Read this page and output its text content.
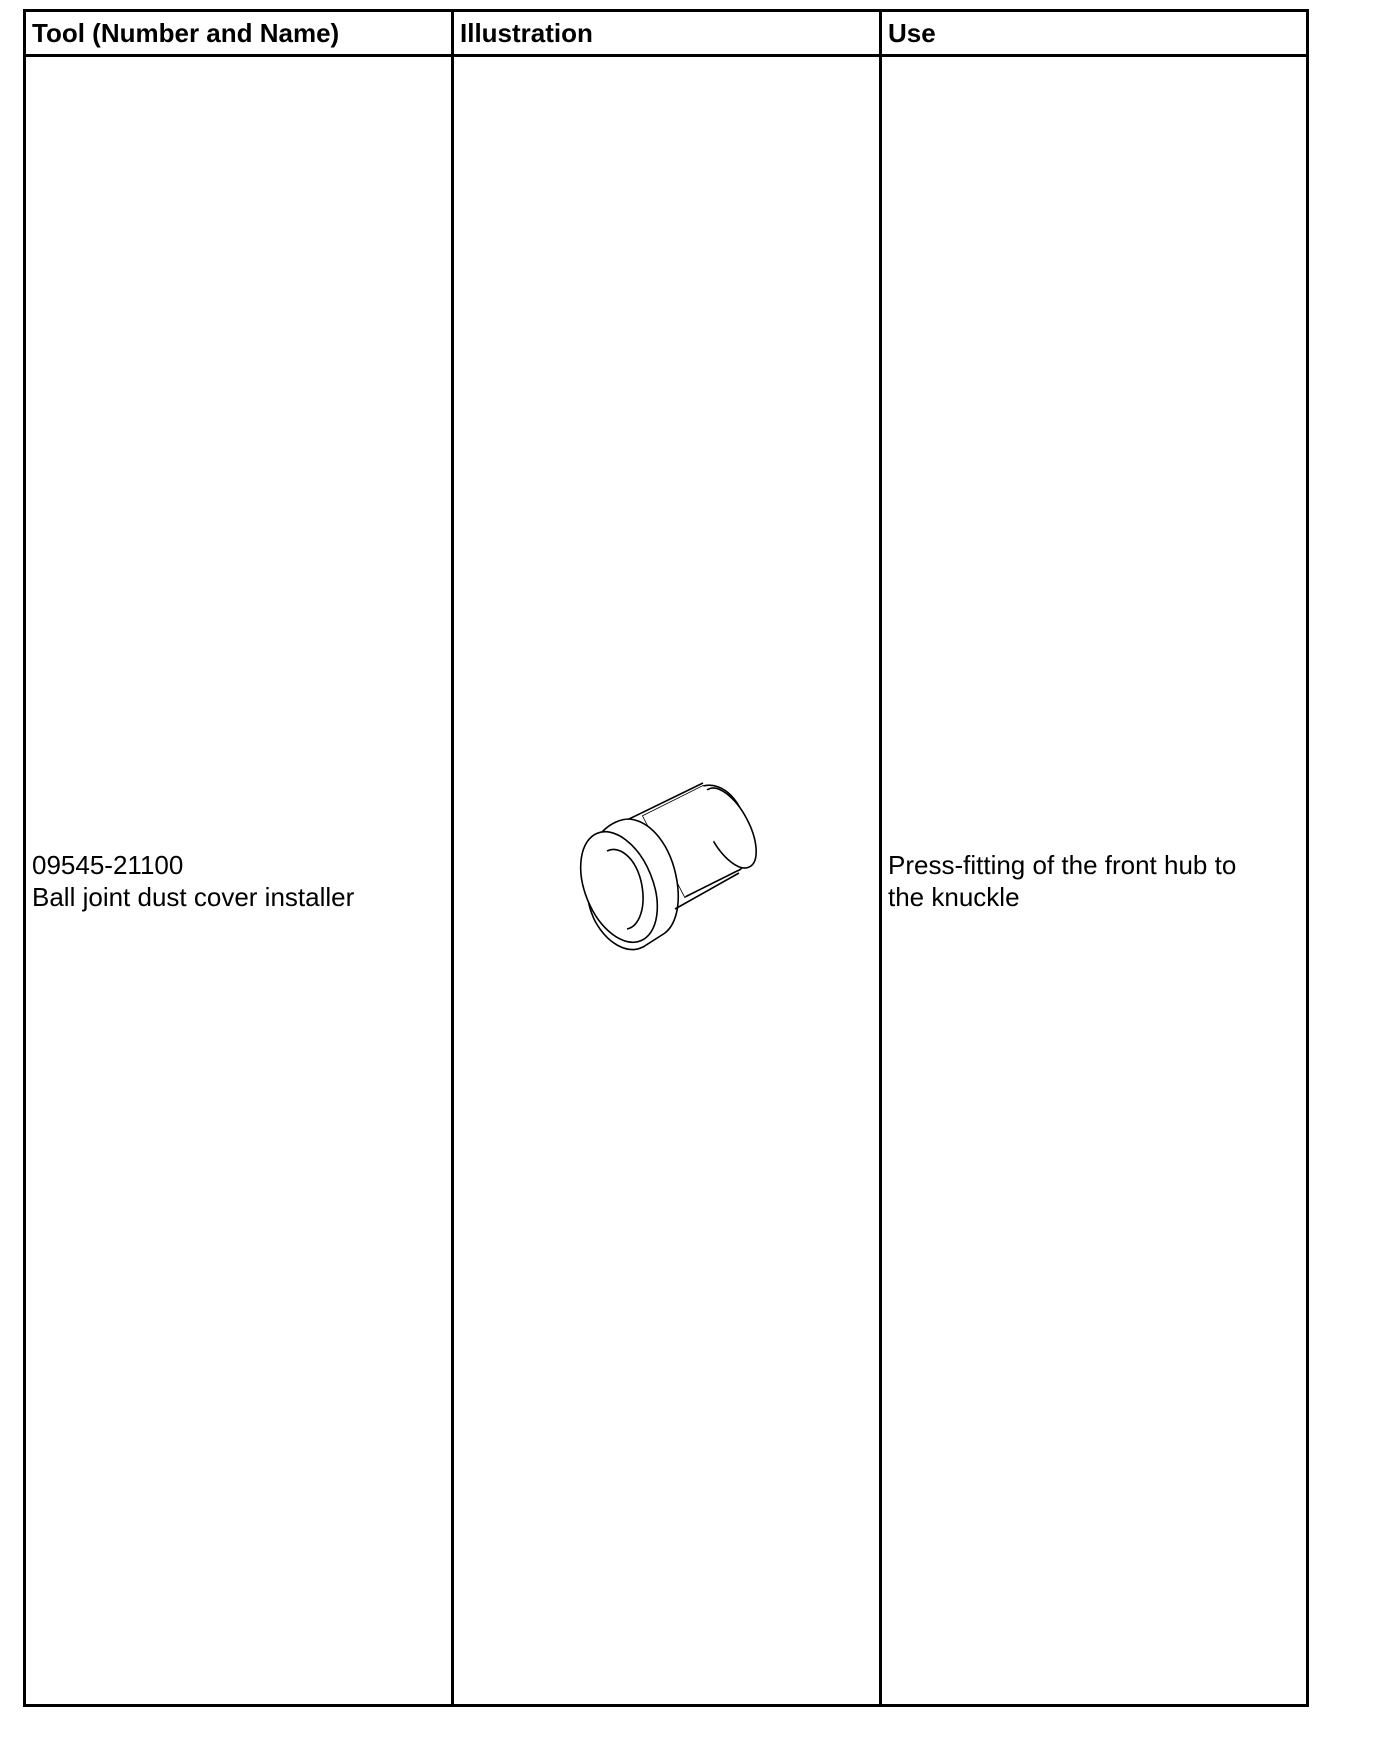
Tool (Number and Name)	Illustration	Use
09545-21100
Ball joint dust cover installer
Press-fitting of the front hub to
the knuckle
